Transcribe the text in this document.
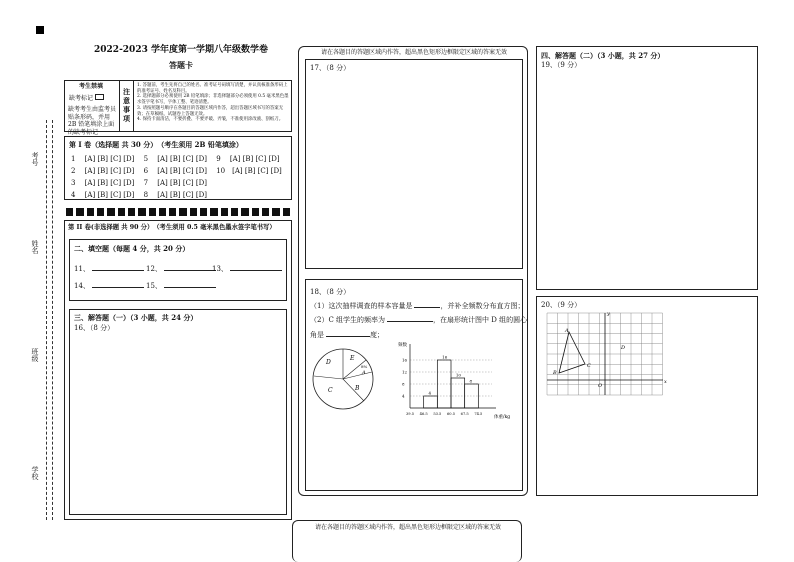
考号
姓名
班级
学校
2022-2023 学年度第一学期八年级数学卷
答题卡
考生禁填
缺考标记
缺考考生由监考员贴条形码，并用 2B 铅笔填涂上面的缺考标记
注意事项
1. 答题前，考生先将自己的姓名、准考证号码填写清楚，并认真核准条形码上的准考证号、姓名及科目。
2. 选择题部分必须使用 2B 铅笔填涂；非选择题部分必须使用 0.5 毫米黑色墨水签字笔书写，字体工整、笔迹清楚。
3. 请按照题号顺序在各题目的答题区域内作答，超出答题区域书写的答案无效；在草稿纸、试题卷上答题无效。
4. 保持卡面清洁，不要折叠、不要弄破、弄皱，不准使用涂改液、刮纸刀。
第 I 卷（选择题 共 30 分）　（考生须用 2B 铅笔填涂）
1　 [A] [B] [C] [D]　 5　 [A] [B] [C] [D]　 9　 [A] [B] [C] [D]
2　 [A] [B] [C] [D]　 6　 [A] [B] [C] [D]　 10　[A] [B] [C] [D]
3　 [A] [B] [C] [D]　 7　 [A] [B] [C] [D]
4　 [A] [B] [C] [D]　 8　 [A] [B] [C] [D]
第 II 卷(非选择题 共 90 分）　（考生须用 0.5 毫米黑色墨水签字笔书写）
二、填空题（每题 4 分，共 20 分）
11、	12、	13、
14、	15、
三、解答题（一）（3 小题，共 24 分）
16、（8 分）
请在各题目的答题区域内作答，超出黑色矩形边框限定区域的答案无效
17、（8 分）
18、（8 分）
（1）这次抽样调查的样本容量是	，并补全频数分布直方图；
（2）C 组学生的频率为	，在扇形统计图中 D 组的圆心
角是	度；
D
E
A
B
C
8%
频数
体重/kg
4
8
12
16
39.5 46.5 53.5 60.5 67.5 74.5
4
16
10
8
四、解答题（二）（3 小题，共 27 分）
19、（9 分）
20、（9 分）
A
B
C
D
O
x
y
请在各题目的答题区域内作答，超出黑色矩形边框限定区域的答案无效
